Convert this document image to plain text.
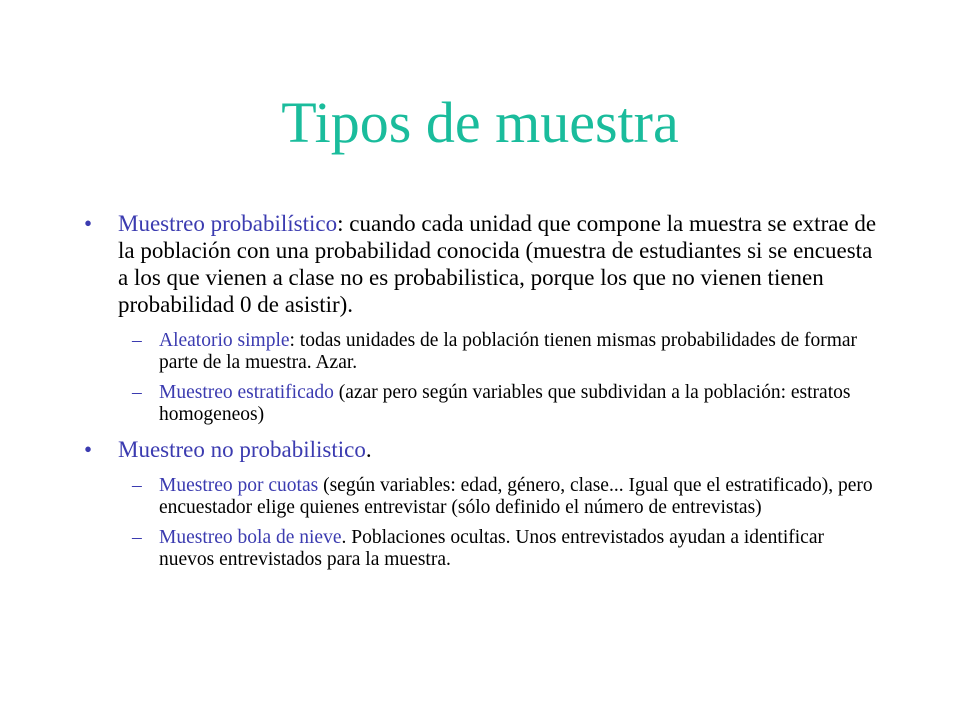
Tipos de muestra
• Muestreo probabilístico: cuando cada unidad que compone la muestra se extrae de la población con una probabilidad conocida (muestra de estudiantes si se encuesta a los que vienen a clase no es probabilistica, porque los que no vienen tienen probabilidad 0 de asistir).
– Aleatorio simple: todas unidades de la población tienen mismas probabilidades de formar parte de la muestra. Azar.
– Muestreo estratificado (azar pero según variables que subdividan a la población: estratos homogeneos)
• Muestreo no probabilistico.
– Muestreo por cuotas (según variables: edad, género, clase... Igual que el estratificado), pero encuestador elige quienes entrevistar (sólo definido el número de entrevistas)
– Muestreo bola de nieve. Poblaciones ocultas. Unos entrevistados ayudan a identificar nuevos entrevistados para la muestra.
